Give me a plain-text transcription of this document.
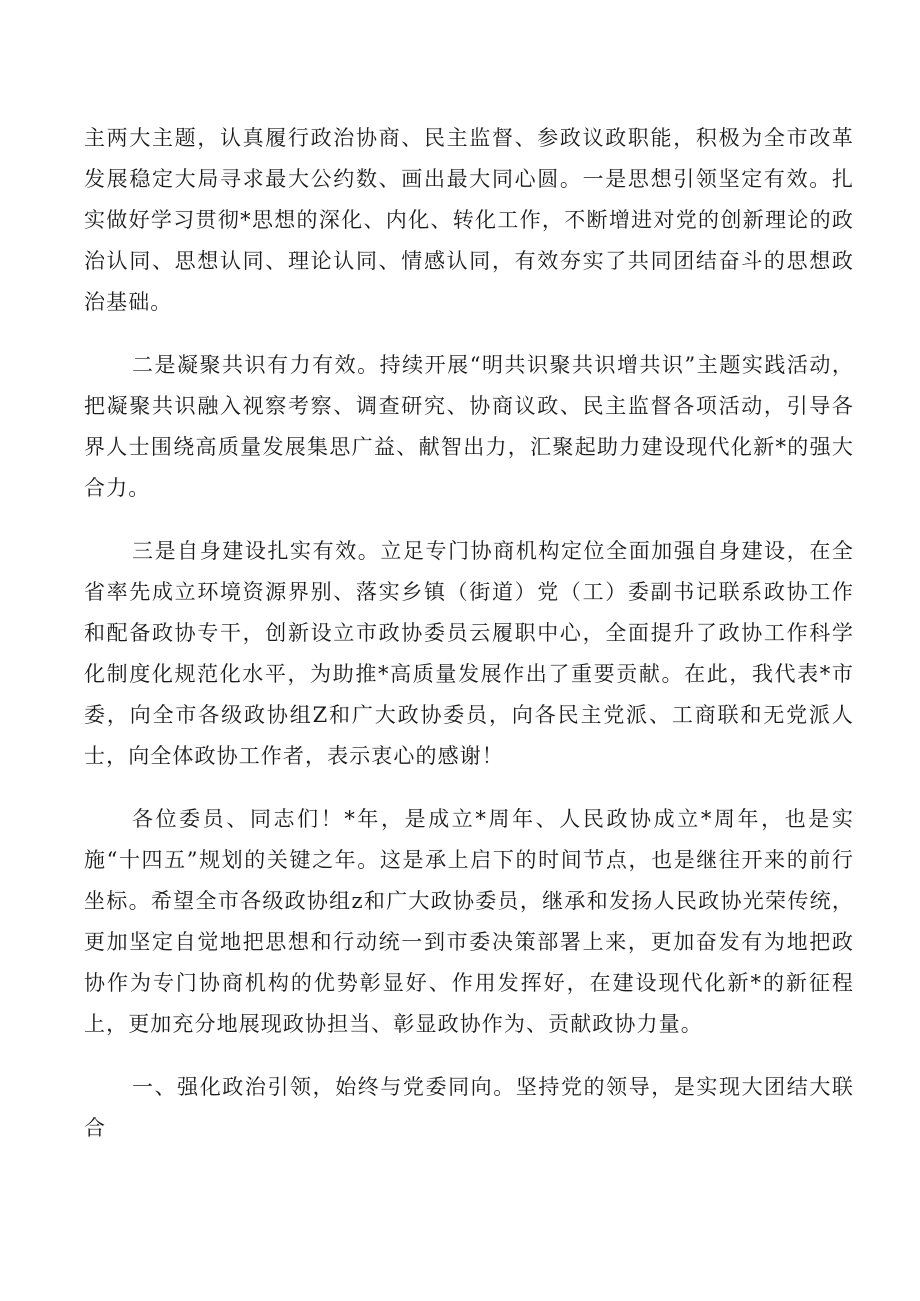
主两大主题，认真履行政治协商、民主监督、参政议政职能，积极为全市改革发展稳定大局寻求最大公约数、画出最大同心圆。一是思想引领坚定有效。扎实做好学习贯彻*思想的深化、内化、转化工作，不断增进对党的创新理论的政治认同、思想认同、理论认同、情感认同，有效夯实了共同团结奋斗的思想政治基础。

二是凝聚共识有力有效。持续开展“明共识聚共识增共识”主题实践活动，把凝聚共识融入视察考察、调查研究、协商议政、民主监督各项活动，引导各界人士围绕高质量发展集思广益、献智出力，汇聚起助力建设现代化新*的强大合力。

三是自身建设扎实有效。立足专门协商机构定位全面加强自身建设，在全省率先成立环境资源界别、落实乡镇（街道）党（工）委副书记联系政协工作和配备政协专干，创新设立市政协委员云履职中心，全面提升了政协工作科学化制度化规范化水平，为助推*高质量发展作出了重要贡献。在此，我代表*市委，向全市各级政协组Z和广大政协委员，向各民主党派、工商联和无党派人士，向全体政协工作者，表示衷心的感谢！

各位委员、同志们！*年，是成立*周年、人民政协成立*周年，也是实施“十四五”规划的关键之年。这是承上启下的时间节点，也是继往开来的前行坐标。希望全市各级政协组z和广大政协委员，继承和发扬人民政协光荣传统，更加坚定自觉地把思想和行动统一到市委决策部署上来，更加奋发有为地把政协作为专门协商机构的优势彰显好、作用发挥好，在建设现代化新*的新征程上，更加充分地展现政协担当、彰显政协作为、贡献政协力量。

一、强化政治引领，始终与党委同向。坚持党的领导，是实现大团结大联合
